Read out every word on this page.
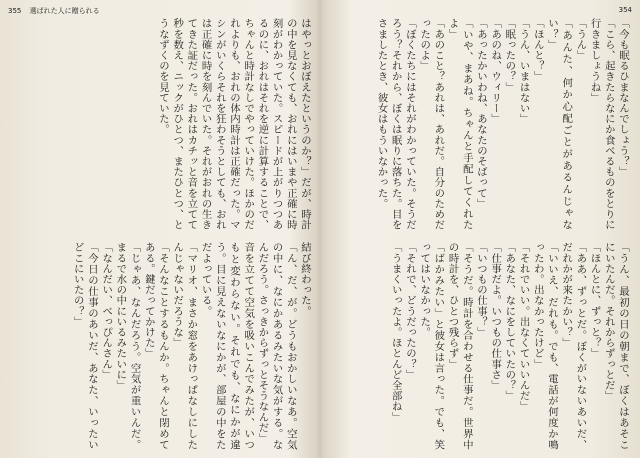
355 選ばれた人に贈られる

はやっとおぼえたというのか？」だが、時計の中を見なくても、おれにはいまや正確に時刻がわかっていた。スピードが上がりつつあるのに、おれはそれを逆に計算することで、ちゃんと時計なしでやっていけた。ほかのだれよりも、おれの体内時計は正確だった。マシンがいくらそれを狂わそうとしても、おれは正確に時を刻んでいた。それがおれの生きてきた証だった。おれはカチッと音を立てて秒を数え、ニックがひとつ、またひとつ、とうなずくのを見ていた。

結び終わった。
「ん、だ、が。どうもおかしいなあ。空気の中に、なにかあるみたいな気がする。なんだろう。さっきからずっとそうなんだ」
音を立てて空気を吸いこんでみたが、いつもと変わらない。それでも、なにかが違う。目に見えないなにかが、部屋の中をただよっている。
「マリオ、まさか窓をあけっぱなしにしたんじゃないだろうな」
「そんなことするもんか。ちゃんと閉めてある。鍵だってかけた」
「じゃあ、なんだろう。空気が重いんだ。まるで水の中にいるみたいに」
「なんだい、べっぴんさん」
「今日の仕事のあいだ、あなた、いったいどこにいたの？」

354

「今も眠るひまなんでしょう？」
「こら、起きたらなにか食べるものをとりに行きましょうね」
「うん」
「あんた、何か心配ごとがあるんじゃない？」
「ほんと？」
「うん、いまはない」
「眠ったの？」
「あのね、ウィリー」
「あったかいわね、あなたのそばって」
「いや、まあね。ちゃんと手配してくれたよ」
「あのこと？あれは、あれだ。自分のためだったのよ」
「ぼくたちにはそれがわかっていた。そうだろう？それから、ぼくは眠りに落ちた。目をさましたとき、彼女はもういなかった。

「うん、最初の日の朝まで、ぼくはあそこにいたんだ。それからずっとだ」
「ほんとに、ずっと？」
「ああ、ずっとだ。ぼくがいないあいだ、だれかが来たかい？」
「いいえ、だれも。でも、電話が何度か鳴ったわ。出なかったけど」
「それでいい。出なくていいんだ」
「あなた、なにをしていたの？」
「仕事だよ。いつもの仕事さ」
「いつもの仕事？」
「そうだ。時計を合わせる仕事だ。世界中の時計を、ひとつ残らず」
「ばかみたい」と彼女は言った。でも、笑ってはいなかった。
「それで、どうだったの？」
「うまくいったよ。ほとんど全部ね」
